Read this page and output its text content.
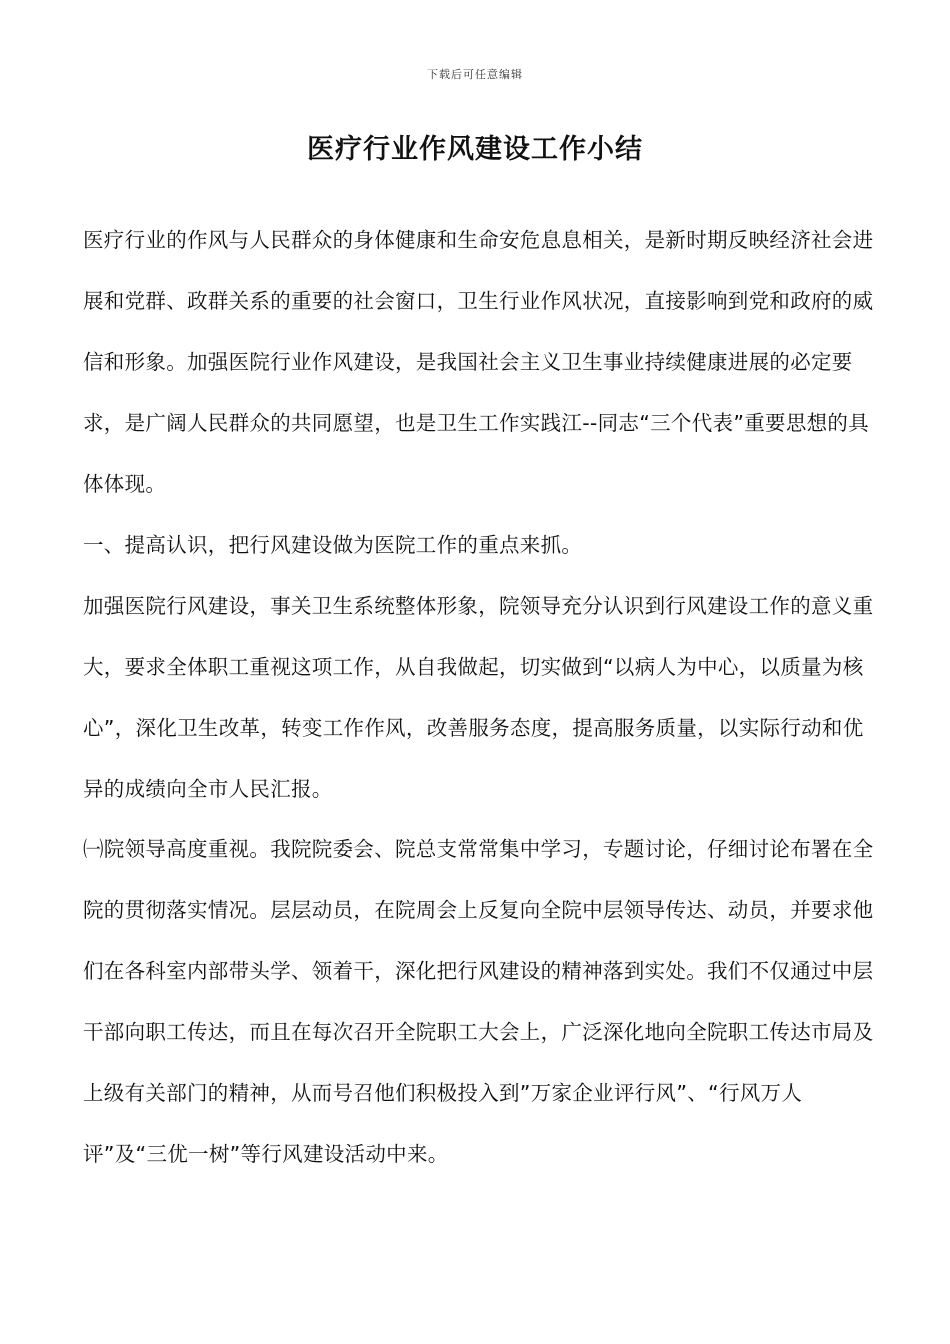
下载后可任意编辑
医疗行业作风建设工作小结

医疗行业的作风与人民群众的身体健康和生命安危息息相关，是新时期反映经济社会进展和党群、政群关系的重要的社会窗口，卫生行业作风状况，直接影响到党和政府的威信和形象。加强医院行业作风建设，是我国社会主义卫生事业持续健康进展的必定要求，是广阔人民群众的共同愿望，也是卫生工作实践江--同志“三个代表”重要思想的具体体现。

一、提高认识，把行风建设做为医院工作的重点来抓。

加强医院行风建设，事关卫生系统整体形象，院领导充分认识到行风建设工作的意义重大，要求全体职工重视这项工作，从自我做起，切实做到“以病人为中心，以质量为核心”，深化卫生改革，转变工作作风，改善服务态度，提高服务质量，以实际行动和优异的成绩向全市人民汇报。

㈠院领导高度重视。我院院委会、院总支常常集中学习，专题讨论，仔细讨论布署在全院的贯彻落实情况。层层动员，在院周会上反复向全院中层领导传达、动员，并要求他们在各科室内部带头学、领着干，深化把行风建设的精神落到实处。我们不仅通过中层干部向职工传达，而且在每次召开全院职工大会上，广泛深化地向全院职工传达市局及上级有关部门的精神，从而号召他们积极投入到”万家企业评行风”、“行风万人评”及“三优一树”等行风建设活动中来。
